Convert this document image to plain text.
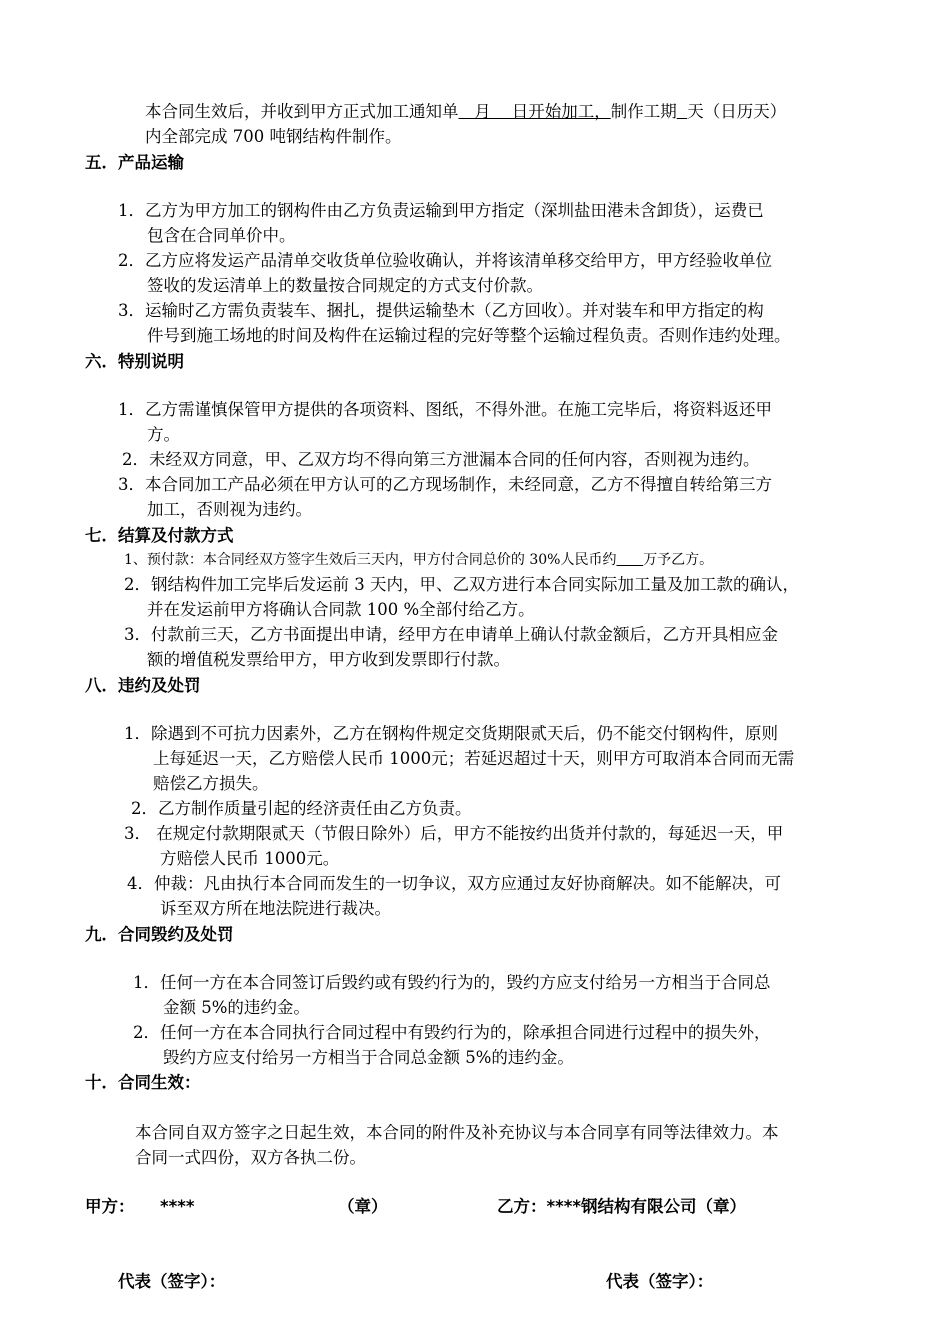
本合同生效后，并收到甲方正式加工通知单   月    日开始加工，制作工期 天（日历天）
内全部完成 700 吨钢结构件制作。
五．产品运输
1．乙方为甲方加工的钢构件由乙方负责运输到甲方指定（深圳盐田港未含卸货），运费已
包含在合同单价中。
2．乙方应将发运产品清单交收货单位验收确认，并将该清单移交给甲方，甲方经验收单位
签收的发运清单上的数量按合同规定的方式支付价款。
3．运输时乙方需负责装车、捆扎，提供运输垫木（乙方回收）。并对装车和甲方指定的构
件号到施工场地的时间及构件在运输过程的完好等整个运输过程负责。否则作违约处理。
六．特别说明
1．乙方需谨慎保管甲方提供的各项资料、图纸，不得外泄。在施工完毕后，将资料返还甲
方。
2．未经双方同意，甲、乙双方均不得向第三方泄漏本合同的任何内容，否则视为违约。
3．本合同加工产品必须在甲方认可的乙方现场制作，未经同意，乙方不得擅自转给第三方
加工，否则视为违约。
七．结算及付款方式
1、预付款：本合同经双方签字生效后三天内，甲方付合同总价的 30%人民币约 万予乙方。
2．钢结构件加工完毕后发运前 3 天内，甲、乙双方进行本合同实际加工量及加工款的确认，
并在发运前甲方将确认合同款 100 %全部付给乙方。
3．付款前三天，乙方书面提出申请，经甲方在申请单上确认付款金额后，乙方开具相应金
额的增值税发票给甲方，甲方收到发票即行付款。
八．违约及处罚
1．除遇到不可抗力因素外，乙方在钢构件规定交货期限贰天后，仍不能交付钢构件，原则
上每延迟一天，乙方赔偿人民币 1000元；若延迟超过十天，则甲方可取消本合同而无需
赔偿乙方损失。
2．乙方制作质量引起的经济责任由乙方负责。
3． 在规定付款期限贰天（节假日除外）后，甲方不能按约出货并付款的，每延迟一天，甲
方赔偿人民币 1000元。
4．仲裁：凡由执行本合同而发生的一切争议，双方应通过友好协商解决。如不能解决，可
诉至双方所在地法院进行裁决。
九．合同毁约及处罚
1．任何一方在本合同签订后毁约或有毁约行为的，毁约方应支付给另一方相当于合同总
金额 5%的违约金。
2．任何一方在本合同执行合同过程中有毁约行为的，除承担合同进行过程中的损失外，
毁约方应支付给另一方相当于合同总金额 5%的违约金。
十．合同生效：
本合同自双方签字之日起生效，本合同的附件及补充协议与本合同享有同等法律效力。本
合同一式四份，双方各执二份。
甲方： ****	（章）	乙方：****钢结构有限公司（章）
代表（签字）：	代表（签字）：
